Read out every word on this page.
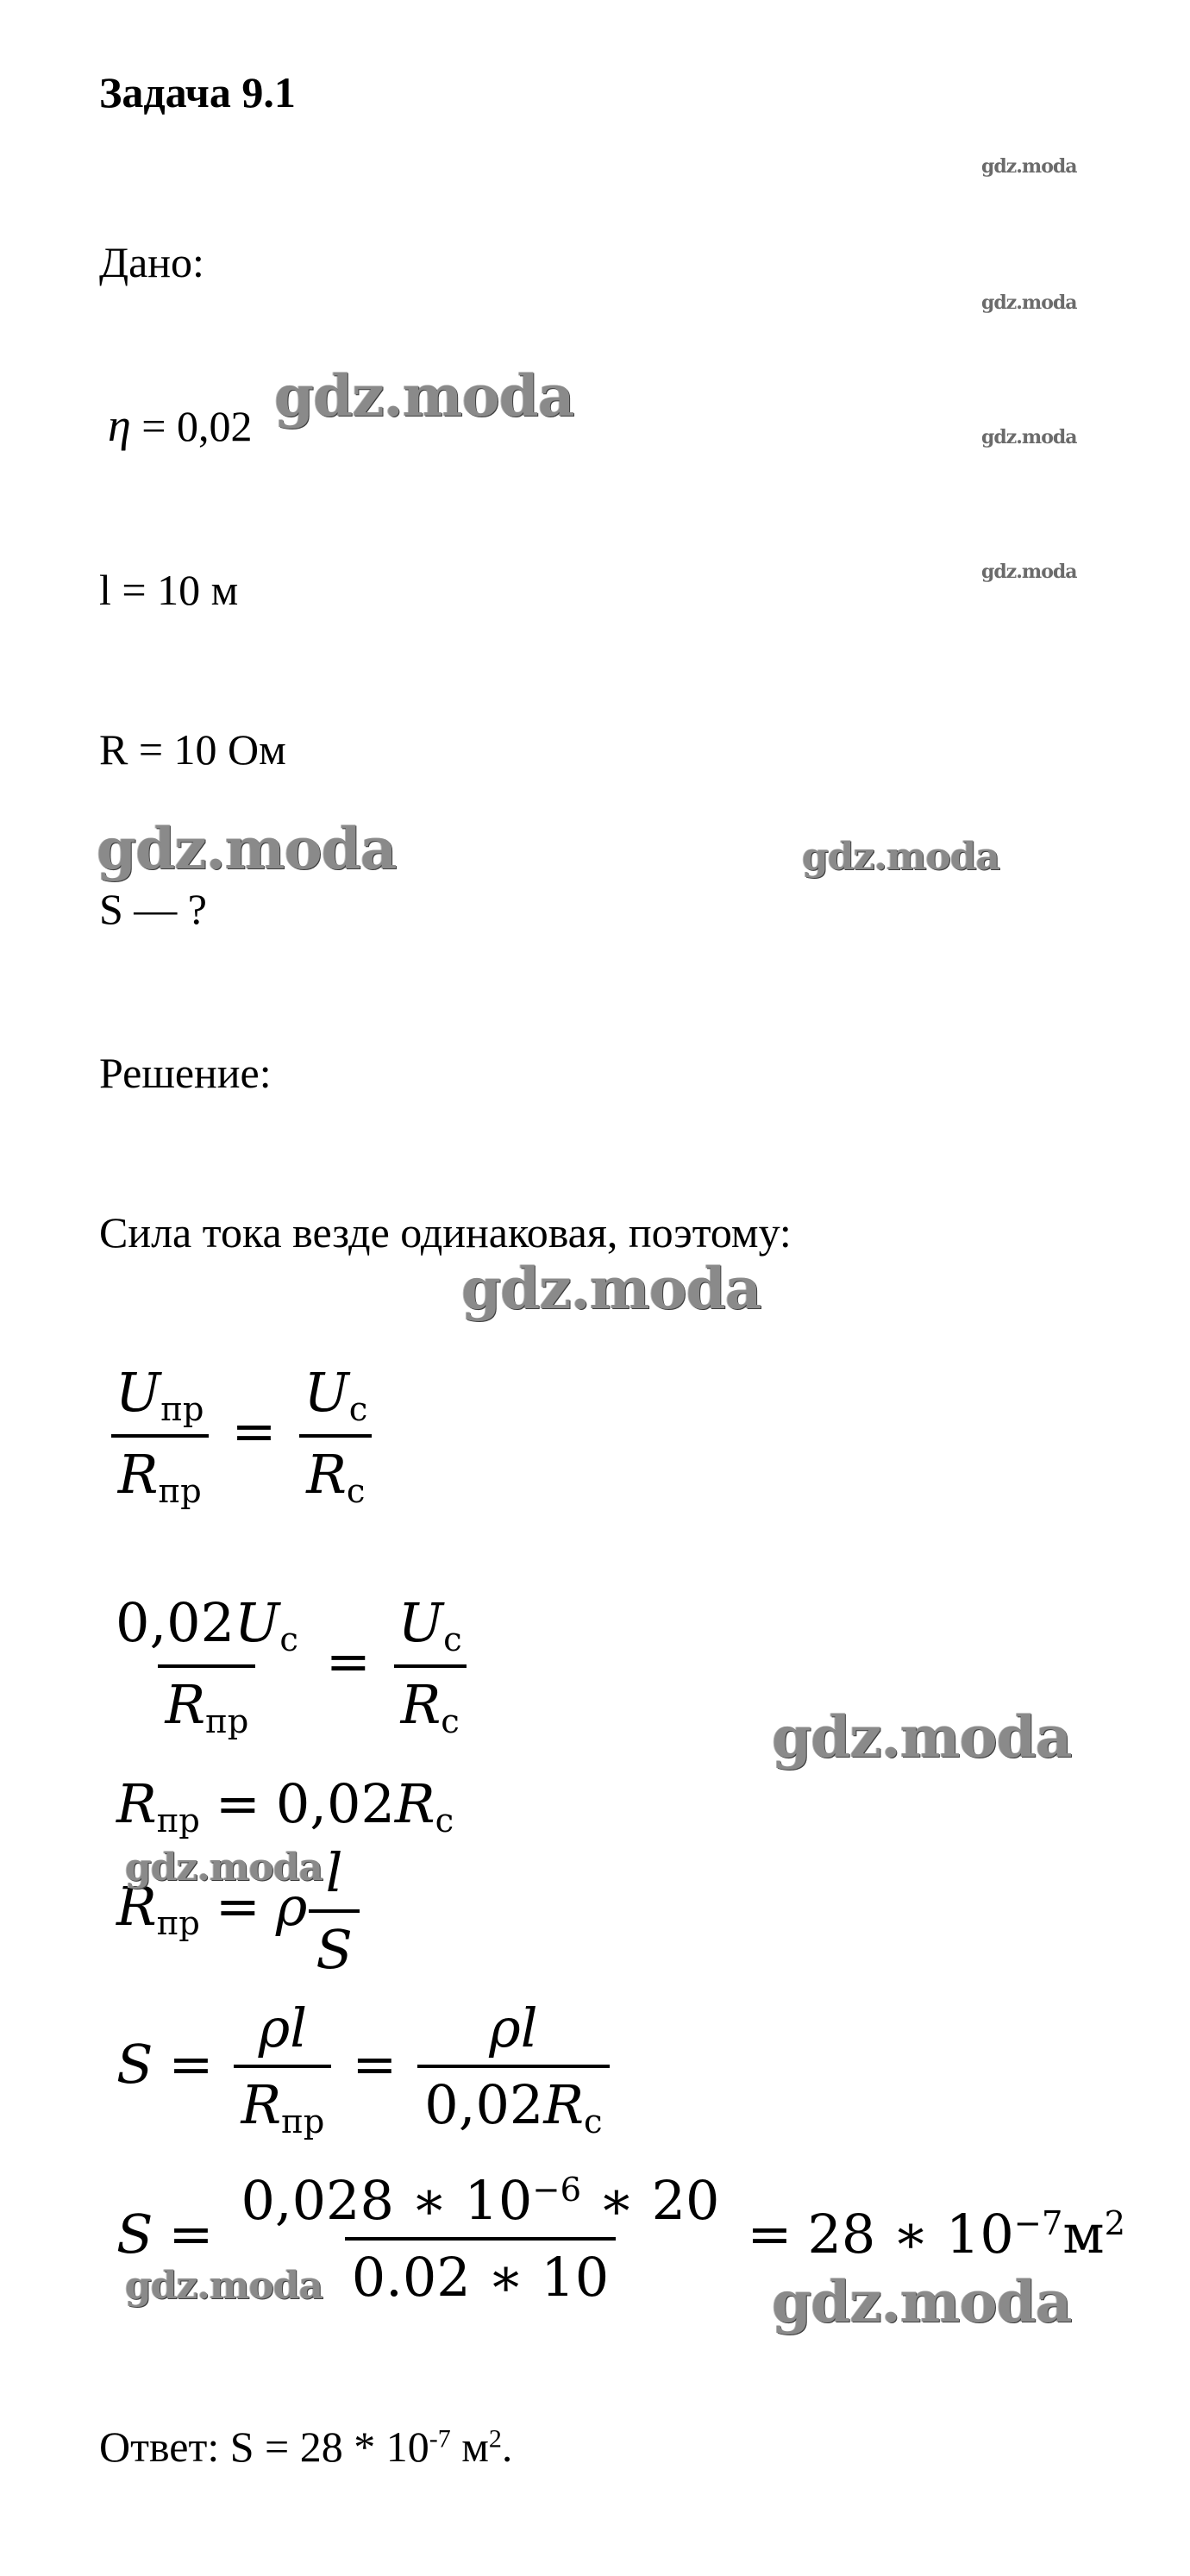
Задача 9.1
Дано:
η = 0,02
l = 10 м
R = 10 Ом
S — ?
Решение:
Сила тока везде одинаковая, поэтому:
$\frac{U_{пр}}{R_{пр}} = \frac{U_с}{R_с}$
$\frac{0,02U_с}{R_{пр}} = \frac{U_с}{R_с}$
$R_{пр} = 0,02R_с$
$R_{пр} = \rho \frac{l}{S}$
$S = \frac{\rho l}{R_{пр}} = \frac{\rho l}{0,02R_с}$
$S = \frac{0,028 ∗ 10^{-6} ∗ 20}{0.02 ∗ 10} = 28$ ∗ $10^{-7}м^2$
Ответ: $S = 28 * 10^{-7}$ $м^2$.
gdz.moda
gdz.moda
gdz.moda
gdz.moda
gdz.moda
gdz.moda	gdz.moda
gdz.moda
gdz.moda
gdz.moda
gdz.moda	gdz.moda
